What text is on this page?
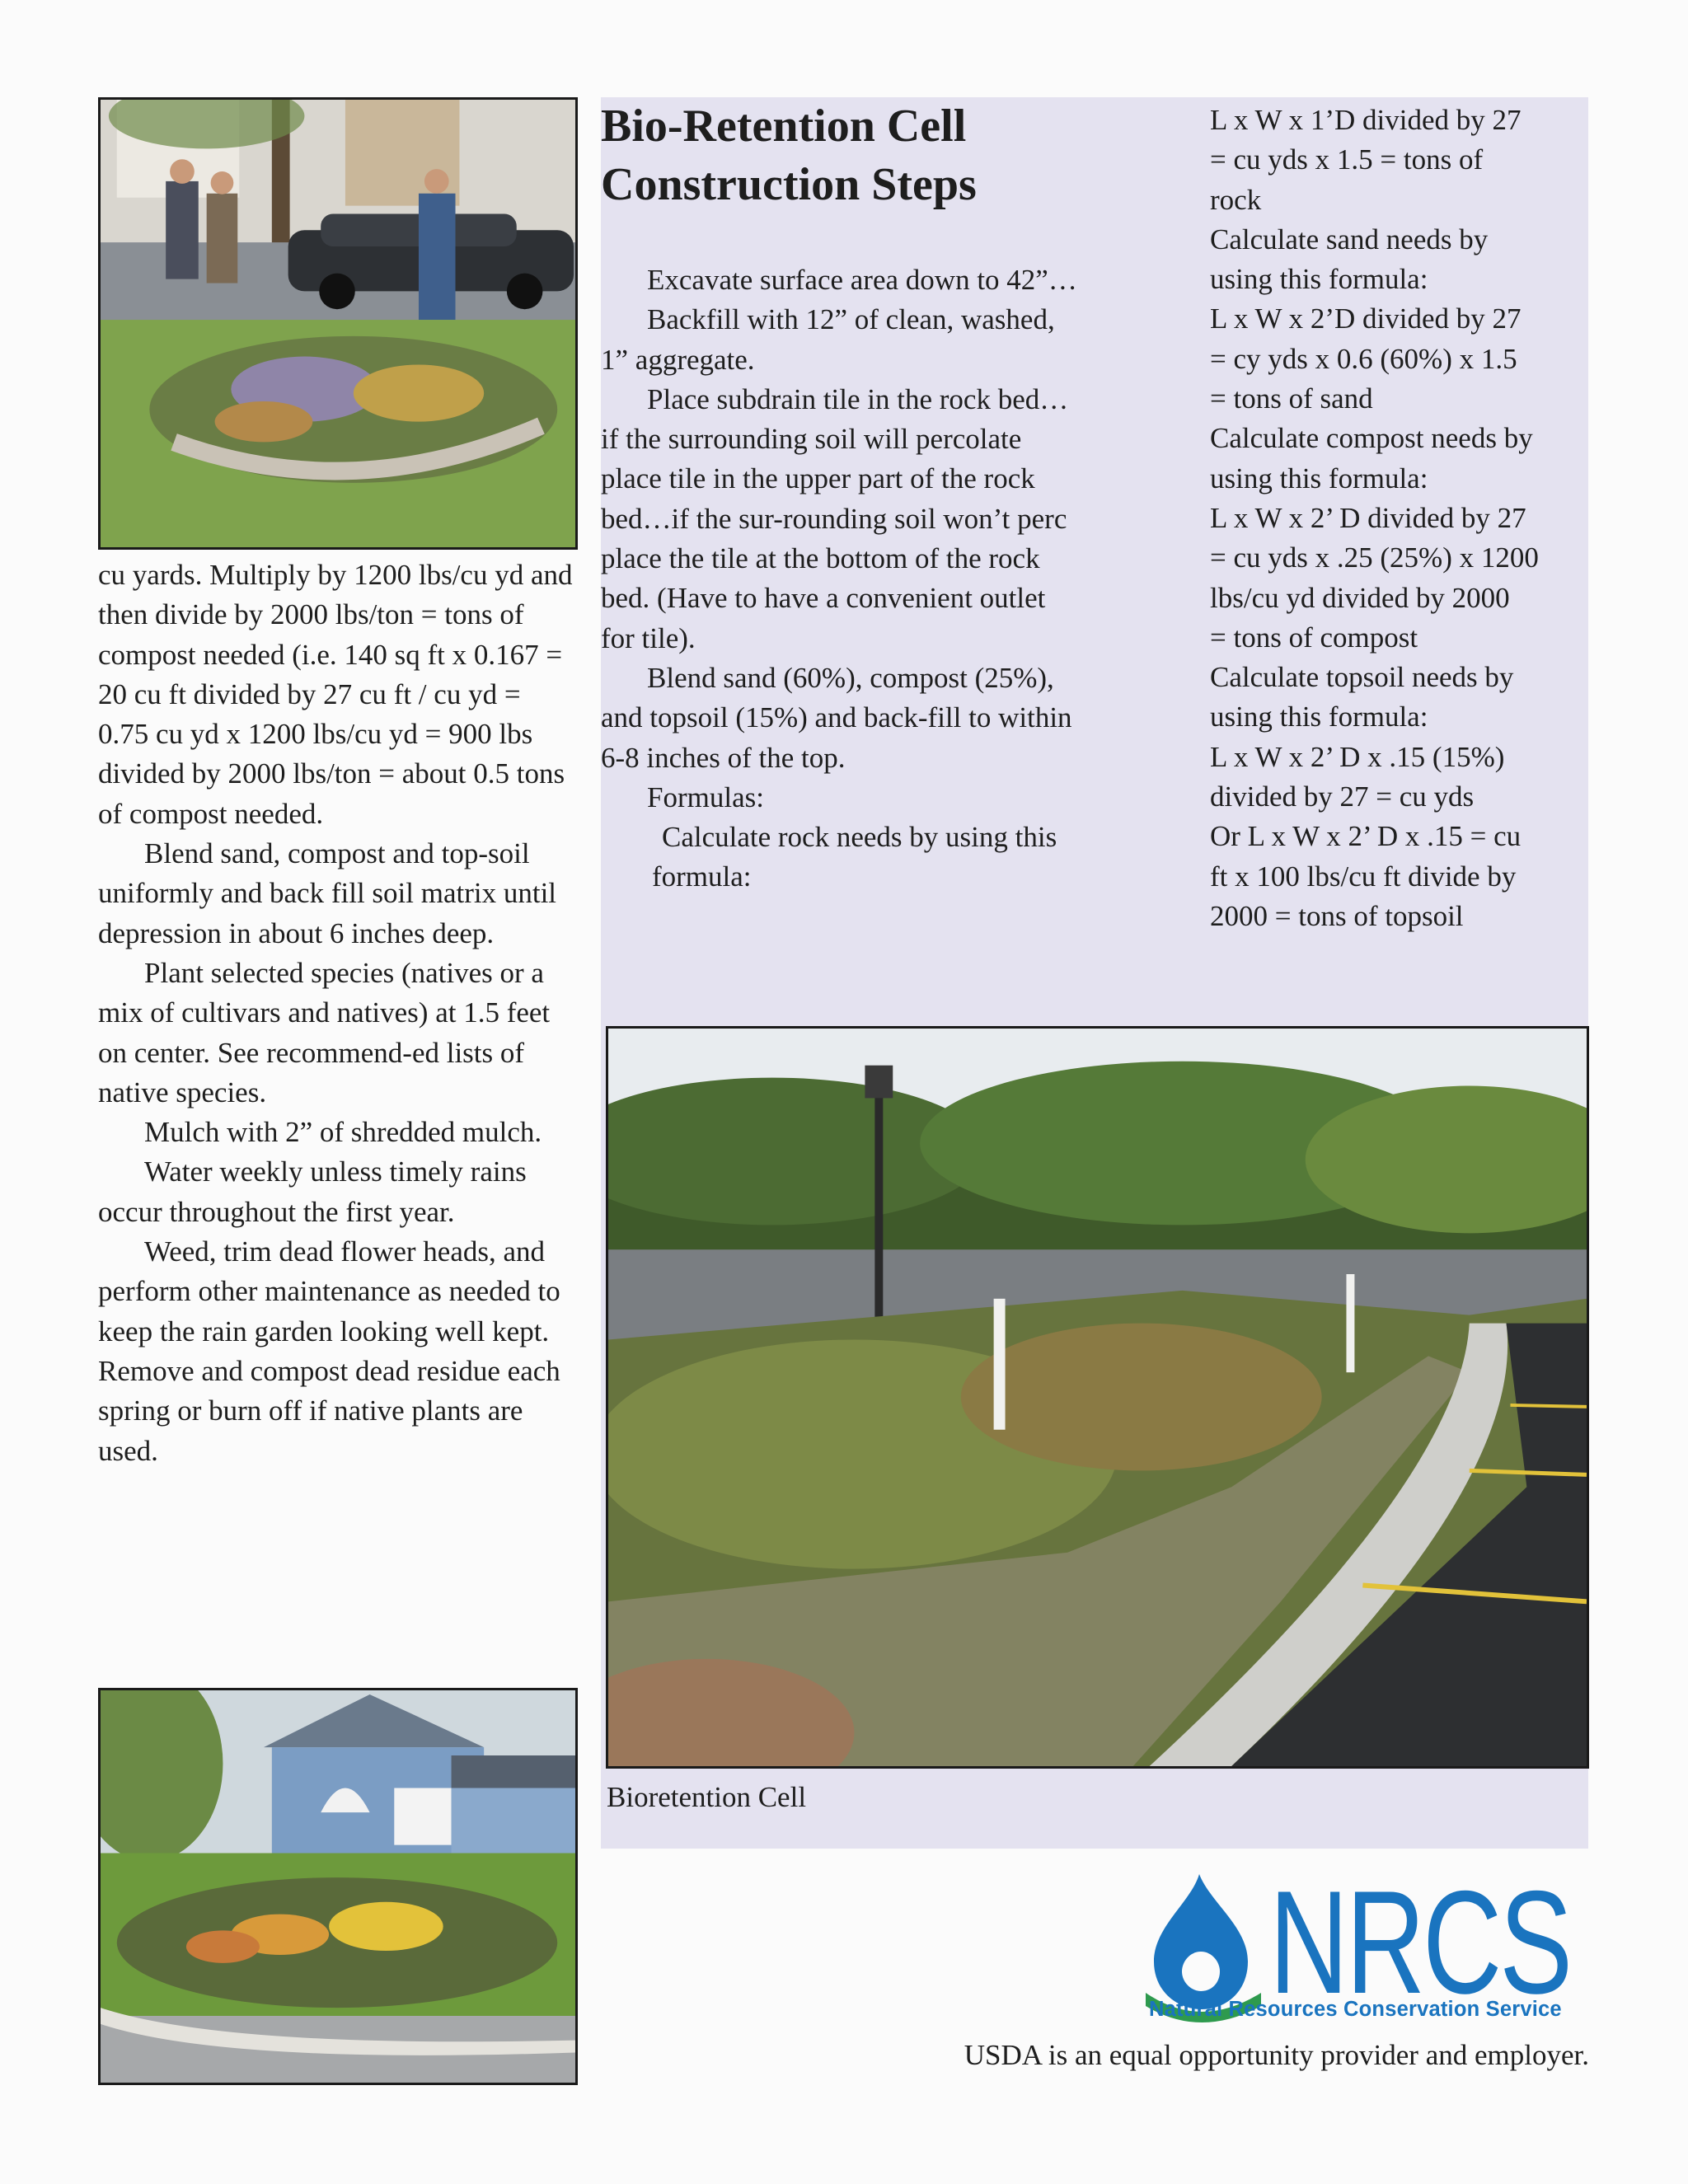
cu yards. Multiply by 1200 lbs/cu yd and then divide by 2000 lbs/ton = tons of compost needed (i.e. 140 sq ft x 0.167 = 20 cu ft divided by 27 cu ft / cu yd = 0.75 cu yd x 1200 lbs/cu yd = 900 lbs divided by 2000 lbs/ton = about 0.5 tons of compost needed.

Blend sand, compost and top-soil uniformly and back fill soil matrix until depression in about 6 inches deep.

Plant selected species (natives or a mix of cultivars and natives) at 1.5 feet on center. See recommend-ed lists of native species.

Mulch with 2” of shredded mulch.

Water weekly unless timely rains occur throughout the first year.

Weed, trim dead flower heads, and perform other maintenance as needed to keep the rain garden looking well kept. Remove and compost dead residue each spring or burn off if native plants are used.

Bio-Retention Cell Construction Steps

Excavate surface area down to 42”…

Backfill with 12” of clean, washed, 1” aggregate.

Place subdrain tile in the rock bed…if the surrounding soil will percolate place tile in the upper part of the rock bed…if the sur-rounding soil won’t perc place the tile at the bottom of the rock bed. (Have to have a convenient outlet for tile).

Blend sand (60%), compost (25%), and topsoil (15%) and back-fill to within 6-8 inches of the top.

Formulas:

Calculate rock needs by using this formula:

L x W x 1’D divided by 27
= cu yds x 1.5 = tons of
rock
Calculate sand needs by
using this formula:
L x W x 2’D divided by 27
= cy yds x 0.6 (60%) x 1.5
= tons of sand
Calculate compost needs by
using this formula:
L x W x 2’ D divided by 27
= cu yds x .25 (25%) x 1200
lbs/cu yd divided by 2000
= tons of compost
Calculate topsoil needs by
using this formula:
L x W x 2’ D x .15 (15%)
divided by 27 = cu yds
Or L x W x 2’ D x .15 = cu
ft x 100 lbs/cu ft divide by
2000 = tons of topsoil
Bioretention Cell
NRCS
Natural Resources Conservation Service
USDA is an equal opportunity provider and employer.
